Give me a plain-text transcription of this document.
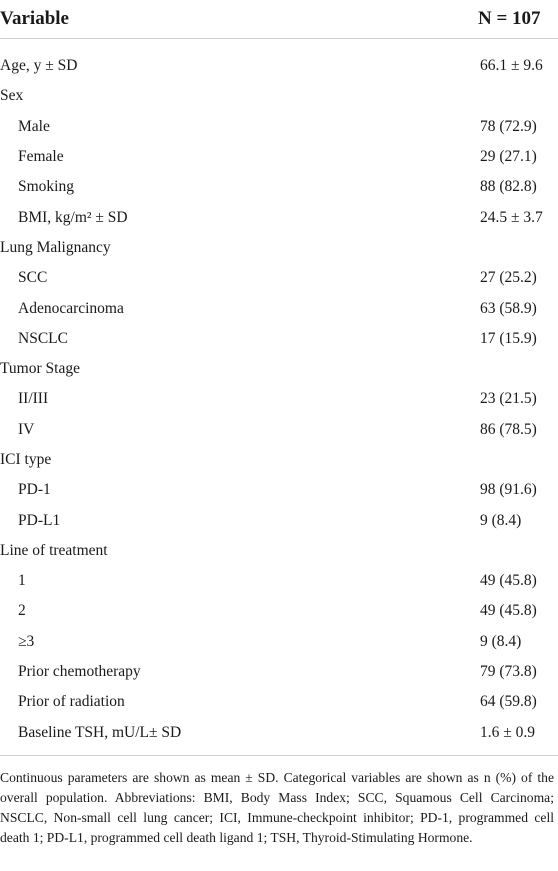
Variable	N = 107
Age, y ± SD	66.1 ± 9.6
Sex
Male	78 (72.9)
Female	29 (27.1)
Smoking	88 (82.8)
BMI, kg/m² ± SD	24.5 ± 3.7
Lung Malignancy
SCC	27 (25.2)
Adenocarcinoma	63 (58.9)
NSCLC	17 (15.9)
Tumor Stage
II/III	23 (21.5)
IV	86 (78.5)
ICI type
PD-1	98 (91.6)
PD-L1	9 (8.4)
Line of treatment
1	49 (45.8)
2	49 (45.8)
≥3	9 (8.4)
Prior chemotherapy	79 (73.8)
Prior of radiation	64 (59.8)
Baseline TSH, mU/L± SD	1.6 ± 0.9
Continuous parameters are shown as mean ± SD. Categorical variables are shown as n (%) of the overall population. Abbreviations: BMI, Body Mass Index; SCC, Squamous Cell Carcinoma; NSCLC, Non-small cell lung cancer; ICI, Immune-checkpoint inhibitor; PD-1, programmed cell death 1; PD-L1, programmed cell death ligand 1; TSH, Thyroid-Stimulating Hormone.
